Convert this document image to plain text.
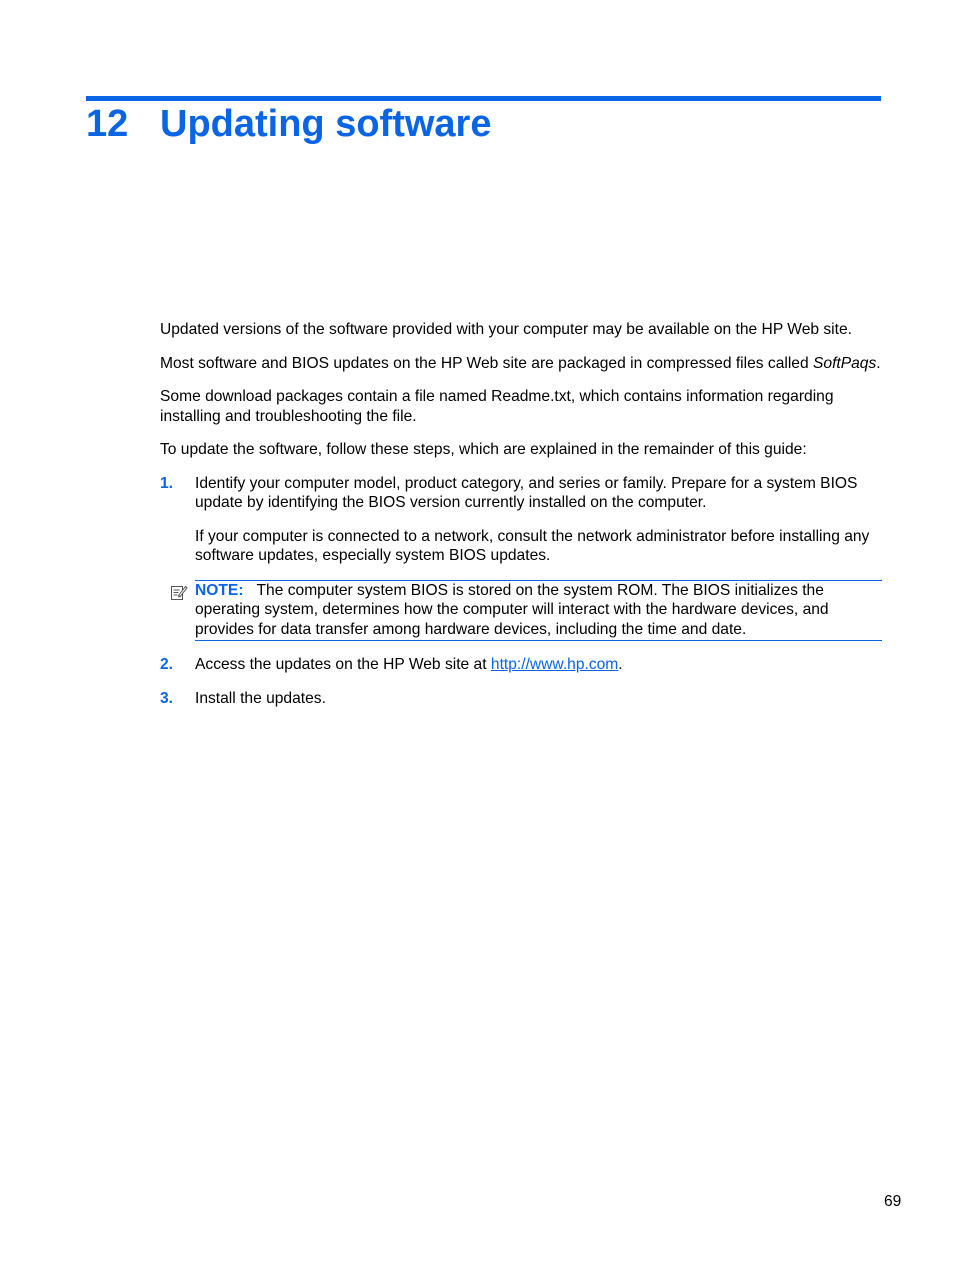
12 Updating software

Updated versions of the software provided with your computer may be available on the HP Web site.

Most software and BIOS updates on the HP Web site are packaged in compressed files called SoftPaqs.

Some download packages contain a file named Readme.txt, which contains information regarding installing and troubleshooting the file.

To update the software, follow these steps, which are explained in the remainder of this guide:

1. Identify your computer model, product category, and series or family. Prepare for a system BIOS update by identifying the BIOS version currently installed on the computer.

If your computer is connected to a network, consult the network administrator before installing any software updates, especially system BIOS updates.

NOTE: The computer system BIOS is stored on the system ROM. The BIOS initializes the operating system, determines how the computer will interact with the hardware devices, and provides for data transfer among hardware devices, including the time and date.
2. Access the updates on the HP Web site at http://www.hp.com.
3. Install the updates.
69
